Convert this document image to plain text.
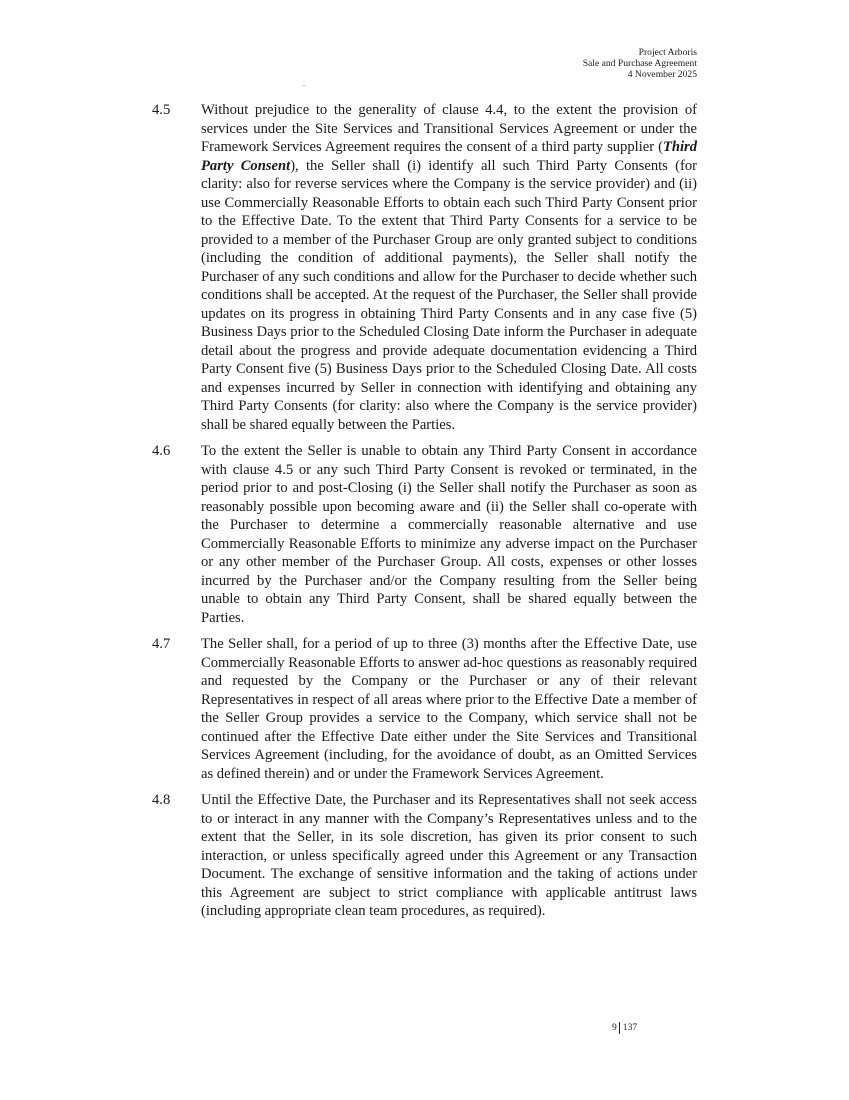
Project Arboris
Sale and Purchase Agreement
4 November 2025
.
4.5 Without prejudice to the generality of clause 4.4, to the extent the provision of services under the Site Services and Transitional Services Agreement or under the Framework Services Agreement requires the consent of a third party supplier (Third Party Consent), the Seller shall (i) identify all such Third Party Consents (for clarity: also for reverse services where the Company is the service provider) and (ii) use Commercially Reasonable Efforts to obtain each such Third Party Consent prior to the Effective Date. To the extent that Third Party Consents for a service to be provided to a member of the Purchaser Group are only granted subject to conditions (including the condition of additional payments), the Seller shall notify the Purchaser of any such conditions and allow for the Purchaser to decide whether such conditions shall be accepted. At the request of the Purchaser, the Seller shall provide updates on its progress in obtaining Third Party Consents and in any case five (5) Business Days prior to the Scheduled Closing Date inform the Purchaser in adequate detail about the progress and provide adequate documentation evidencing a Third Party Consent five (5) Business Days prior to the Scheduled Closing Date. All costs and expenses incurred by Seller in connection with identifying and obtaining any Third Party Consents (for clarity: also where the Company is the service provider) shall be shared equally between the Parties.
4.6 To the extent the Seller is unable to obtain any Third Party Consent in accordance with clause 4.5 or any such Third Party Consent is revoked or terminated, in the period prior to and post-Closing (i) the Seller shall notify the Purchaser as soon as reasonably possible upon becoming aware and (ii) the Seller shall co-operate with the Purchaser to determine a commercially reasonable alternative and use Commercially Reasonable Efforts to minimize any adverse impact on the Purchaser or any other member of the Purchaser Group. All costs, expenses or other losses incurred by the Purchaser and/or the Company resulting from the Seller being unable to obtain any Third Party Consent, shall be shared equally between the Parties.
4.7 The Seller shall, for a period of up to three (3) months after the Effective Date, use Commercially Reasonable Efforts to answer ad-hoc questions as reasonably required and requested by the Company or the Purchaser or any of their relevant Representatives in respect of all areas where prior to the Effective Date a member of the Seller Group provides a service to the Company, which service shall not be continued after the Effective Date either under the Site Services and Transitional Services Agreement (including, for the avoidance of doubt, as an Omitted Services as defined therein) and or under the Framework Services Agreement.
4.8 Until the Effective Date, the Purchaser and its Representatives shall not seek access to or interact in any manner with the Company’s Representatives unless and to the extent that the Seller, in its sole discretion, has given its prior consent to such interaction, or unless specifically agreed under this Agreement or any Transaction Document. The exchange of sensitive information and the taking of actions under this Agreement are subject to strict compliance with applicable antitrust laws (including appropriate clean team procedures, as required).
9 137
